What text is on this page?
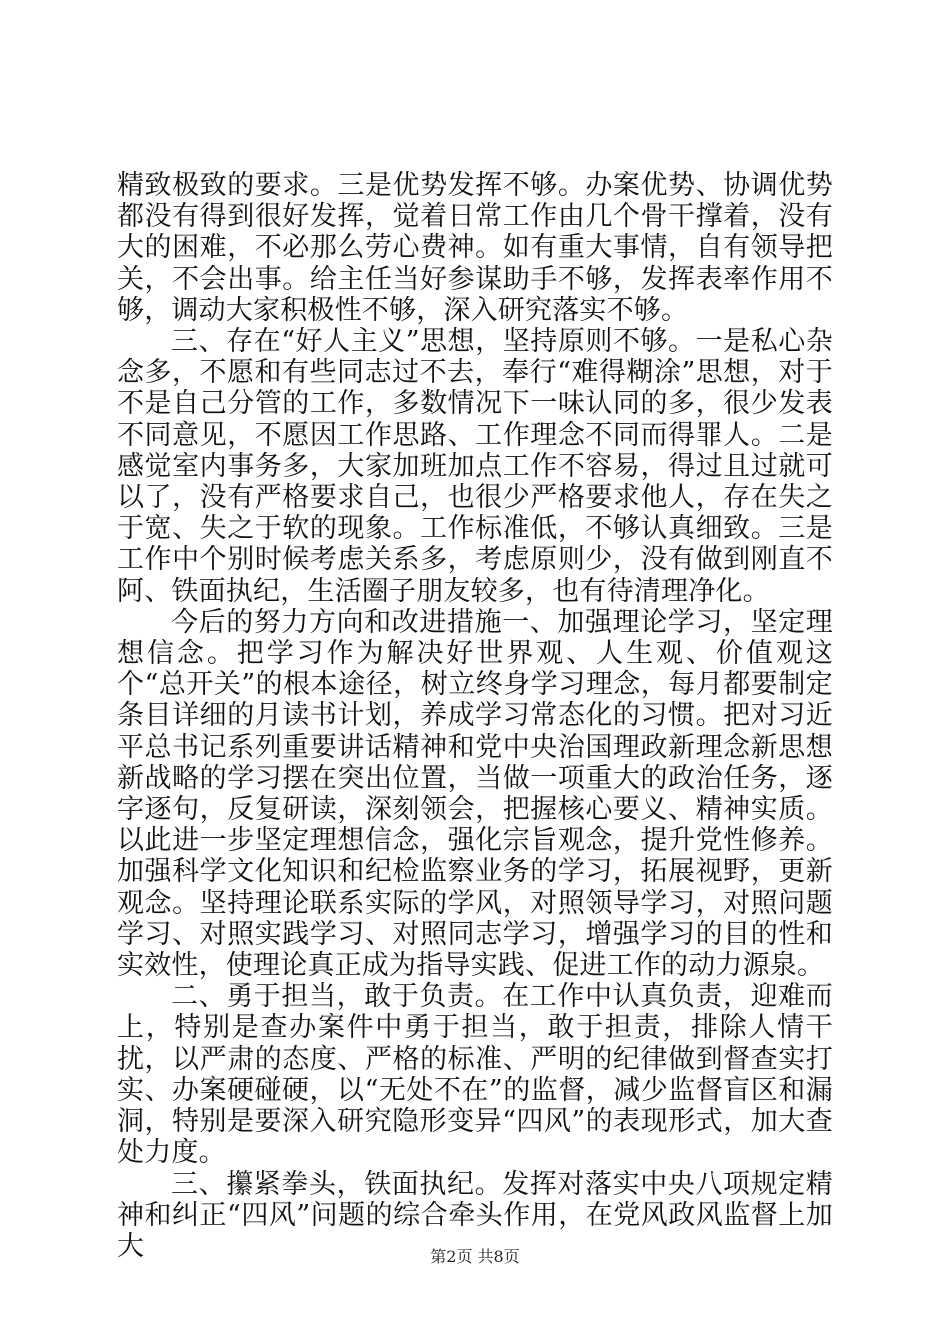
精致极致的要求。三是优势发挥不够。办案优势、协调优势都没有得到很好发挥，觉着日常工作由几个骨干撑着，没有大的困难，不必那么劳心费神。如有重大事情，自有领导把关，不会出事。给主任当好参谋助手不够，发挥表率作用不够，调动大家积极性不够，深入研究落实不够。

三、存在“好人主义”思想，坚持原则不够。一是私心杂念多，不愿和有些同志过不去，奉行“难得糊涂”思想，对于不是自己分管的工作，多数情况下一味认同的多，很少发表不同意见，不愿因工作思路、工作理念不同而得罪人。二是感觉室内事务多，大家加班加点工作不容易，得过且过就可以了，没有严格要求自己，也很少严格要求他人，存在失之于宽、失之于软的现象。工作标准低，不够认真细致。三是工作中个别时候考虑关系多，考虑原则少，没有做到刚直不阿、铁面执纪，生活圈子朋友较多，也有待清理净化。

今后的努力方向和改进措施一、加强理论学习，坚定理想信念。把学习作为解决好世界观、人生观、价值观这个“总开关”的根本途径，树立终身学习理念，每月都要制定条目详细的月读书计划，养成学习常态化的习惯。把对习近平总书记系列重要讲话精神和党中央治国理政新理念新思想新战略的学习摆在突出位置，当做一项重大的政治任务，逐字逐句，反复研读，深刻领会，把握核心要义、精神实质。以此进一步坚定理想信念，强化宗旨观念，提升党性修养。加强科学文化知识和纪检监察业务的学习，拓展视野，更新观念。坚持理论联系实际的学风，对照领导学习，对照问题学习、对照实践学习、对照同志学习，增强学习的目的性和实效性，使理论真正成为指导实践、促进工作的动力源泉。

二、勇于担当，敢于负责。在工作中认真负责，迎难而上，特别是查办案件中勇于担当，敢于担责，排除人情干扰，以严肃的态度、严格的标准、严明的纪律做到督查实打实、办案硬碰硬，以“无处不在”的监督，减少监督盲区和漏洞，特别是要深入研究隐形变异“四风”的表现形式，加大查处力度。

三、攥紧拳头，铁面执纪。发挥对落实中央八项规定精神和纠正“四风”问题的综合牵头作用，在党风政风监督上加大	第2页 共8页
